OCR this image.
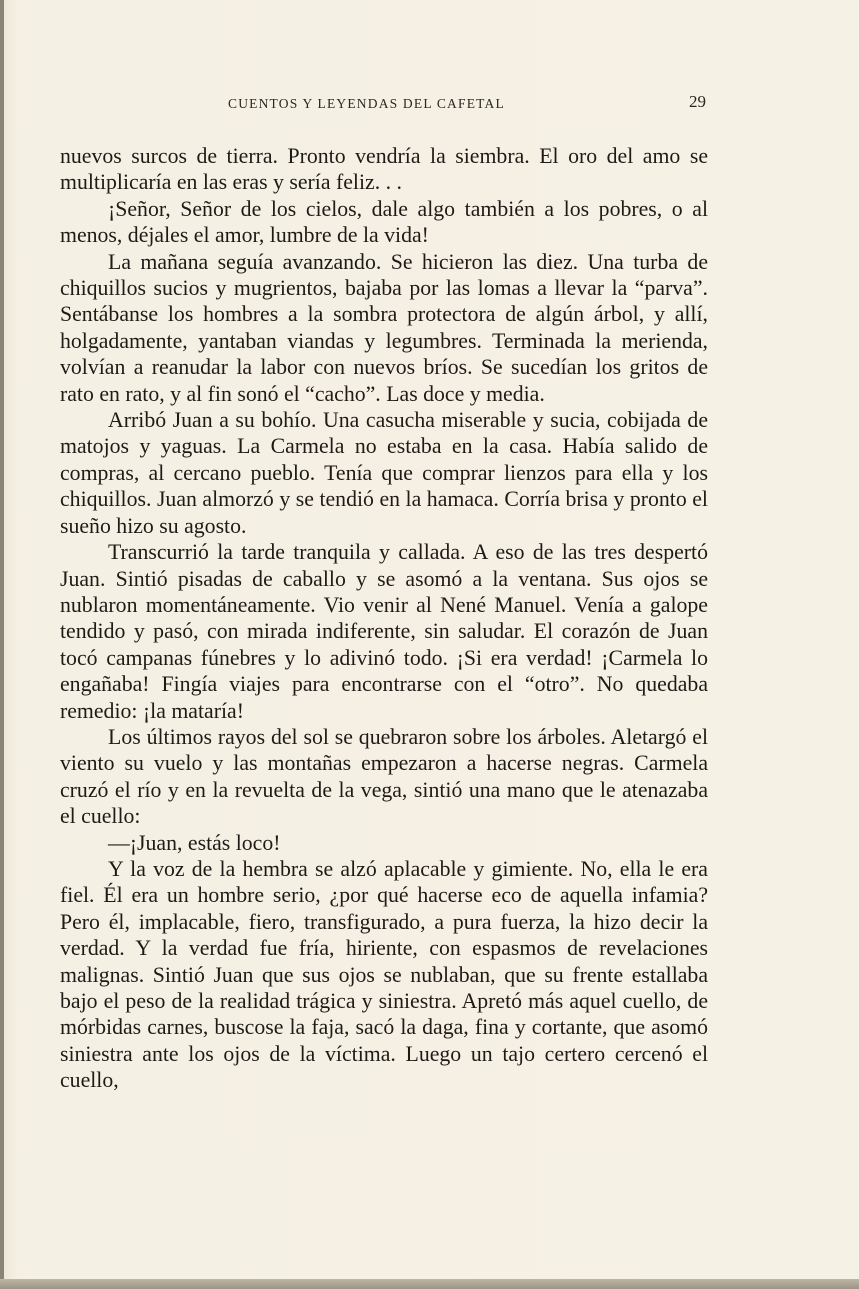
CUENTOS Y LEYENDAS DEL CAFETAL	29

nuevos surcos de tierra. Pronto vendría la siembra. El oro del amo se multiplicaría en las eras y sería feliz. . .

¡Señor, Señor de los cielos, dale algo también a los pobres, o al menos, déjales el amor, lumbre de la vida!

La mañana seguía avanzando. Se hicieron las diez. Una turba de chiquillos sucios y mugrientos, bajaba por las lomas a llevar la “parva”. Sentábanse los hombres a la sombra protectora de algún árbol, y allí, holgadamente, yantaban viandas y legumbres. Terminada la merienda, volvían a reanudar la labor con nuevos bríos. Se sucedían los gritos de rato en rato, y al fin sonó el “cacho”. Las doce y media.

Arribó Juan a su bohío. Una casucha miserable y sucia, cobijada de matojos y yaguas. La Carmela no estaba en la casa. Había salido de compras, al cercano pueblo. Tenía que comprar lienzos para ella y los chiquillos. Juan almorzó y se tendió en la hamaca. Corría brisa y pronto el sueño hizo su agosto.

Transcurrió la tarde tranquila y callada. A eso de las tres despertó Juan. Sintió pisadas de caballo y se asomó a la ventana. Sus ojos se nublaron momentáneamente. Vio venir al Nené Manuel. Venía a galope tendido y pasó, con mirada indiferente, sin saludar. El corazón de Juan tocó campanas fúnebres y lo adivinó todo. ¡Si era verdad! ¡Carmela lo engañaba! Fingía viajes para encontrarse con el “otro”. No quedaba remedio: ¡la mataría!

Los últimos rayos del sol se quebraron sobre los árboles. Aletargó el viento su vuelo y las montañas empezaron a hacerse negras. Carmela cruzó el río y en la revuelta de la vega, sintió una mano que le atenazaba el cuello:

—¡Juan, estás loco!

Y la voz de la hembra se alzó aplacable y gimiente. No, ella le era fiel. Él era un hombre serio, ¿por qué hacerse eco de aquella infamia? Pero él, implacable, fiero, transfigurado, a pura fuerza, la hizo decir la verdad. Y la verdad fue fría, hiriente, con espasmos de revelaciones malignas. Sintió Juan que sus ojos se nublaban, que su frente estallaba bajo el peso de la realidad trágica y siniestra. Apretó más aquel cuello, de mórbidas carnes, buscose la faja, sacó la daga, fina y cortante, que asomó siniestra ante los ojos de la víctima. Luego un tajo certero cercenó el cuello,
